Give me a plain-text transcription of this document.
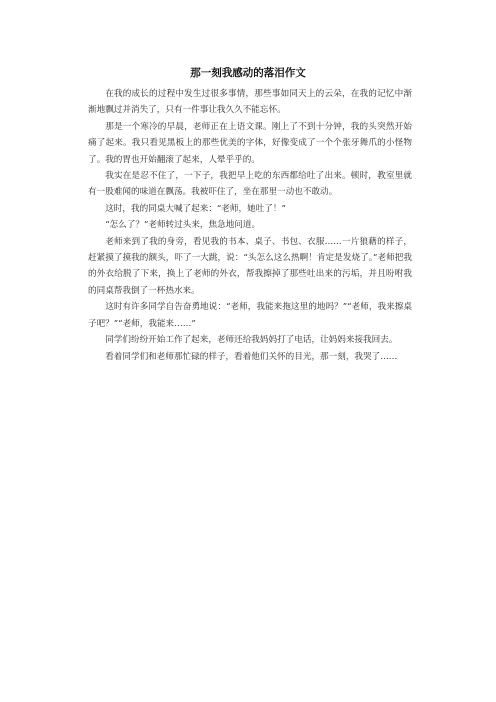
那一刻我感动的落泪作文

在我的成长的过程中发生过很多事情，那些事如同天上的云朵，在我的记忆中渐渐地飘过并消失了，只有一件事让我久久不能忘怀。

那是一个寒冷的早晨，老师正在上语文课。刚上了不到十分钟，我的头突然开始痛了起来。我只看见黑板上的那些优美的字体，好像变成了一个个张牙舞爪的小怪物了。我的胃也开始翻滚了起来，人晕乎乎的。

我实在是忍不住了，一下子，我把早上吃的东西都给吐了出来。顿时，教室里就有一股难闻的味道在飘荡。我被吓住了，坐在那里一动也不敢动。

这时，我的同桌大喊了起来：“老师，她吐了！”

“怎么了？”老师转过头来，焦急地问道。

老师来到了我的身旁，看见我的书本、桌子、书包、衣服……一片狼藉的样子，赶紧摸了摸我的额头，吓了一大跳，说：“头怎么这么热啊！肯定是发烧了。”老师把我的外衣给脱了下来，换上了老师的外衣，帮我擦掉了那些吐出来的污垢，并且吩咐我的同桌帮我倒了一杯热水来。

这时有许多同学自告奋勇地说：“老师，我能来拖这里的地吗？”“老师，我来擦桌子吧？”“老师，我能来……”

同学们纷纷开始工作了起来，老师还给我妈妈打了电话，让妈妈来接我回去。

看着同学们和老师那忙碌的样子，看着他们关怀的目光，那一刻，我哭了……
